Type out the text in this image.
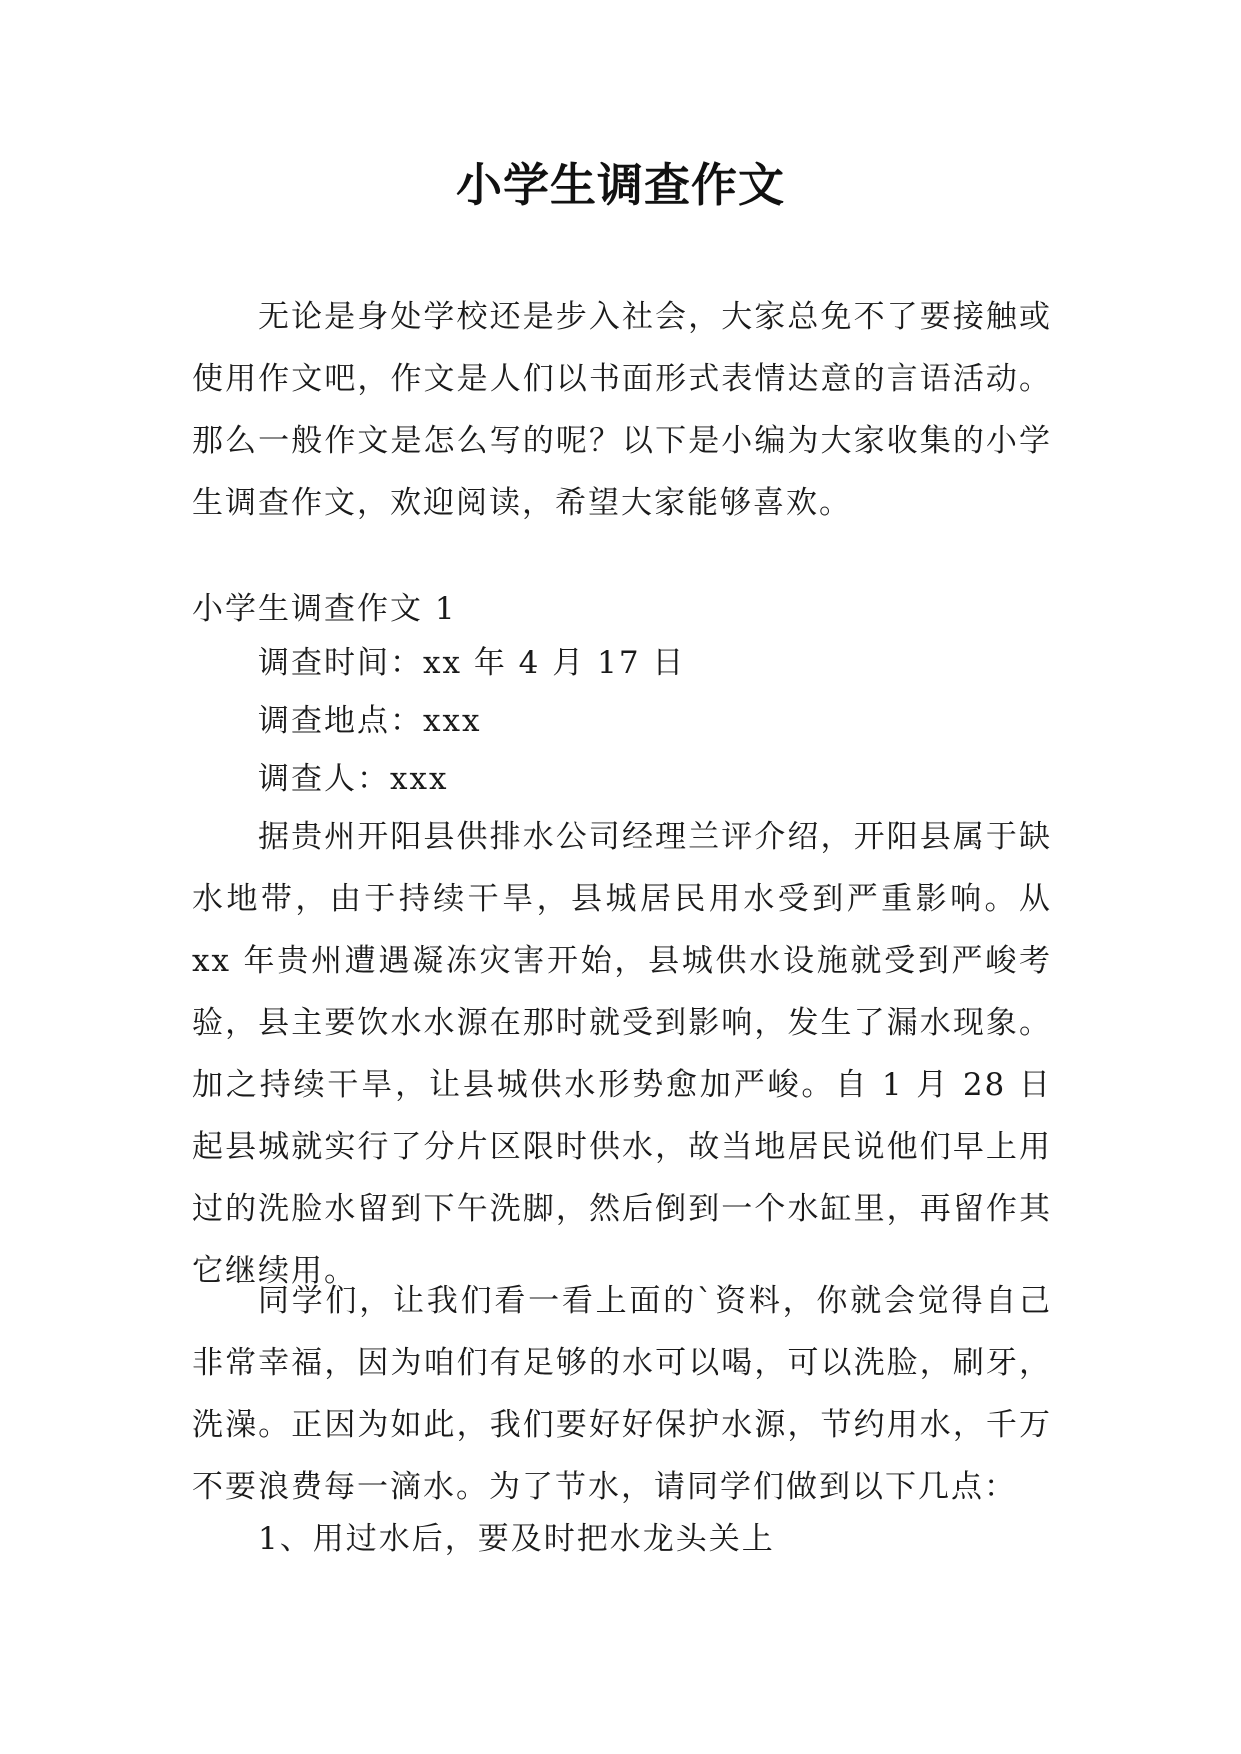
小学生调查作文
无论是身处学校还是步入社会，大家总免不了要接触或使用作文吧，作文是人们以书面形式表情达意的言语活动。那么一般作文是怎么写的呢？以下是小编为大家收集的小学生调查作文，欢迎阅读，希望大家能够喜欢。
小学生调查作文 1
调查时间：xx 年 4 月 17 日
调查地点：xxx
调查人：xxx
据贵州开阳县供排水公司经理兰评介绍，开阳县属于缺水地带，由于持续干旱，县城居民用水受到严重影响。从 xx 年贵州遭遇凝冻灾害开始，县城供水设施就受到严峻考验，县主要饮水水源在那时就受到影响，发生了漏水现象。加之持续干旱，让县城供水形势愈加严峻。自 1 月 28 日起县城就实行了分片区限时供水，故当地居民说他们早上用过的洗脸水留到下午洗脚，然后倒到一个水缸里，再留作其它继续用。
同学们，让我们看一看上面的`资料，你就会觉得自己非常幸福，因为咱们有足够的水可以喝，可以洗脸，刷牙，洗澡。正因为如此，我们要好好保护水源，节约用水，千万不要浪费每一滴水。为了节水，请同学们做到以下几点：
1、用过水后，要及时把水龙头关上
